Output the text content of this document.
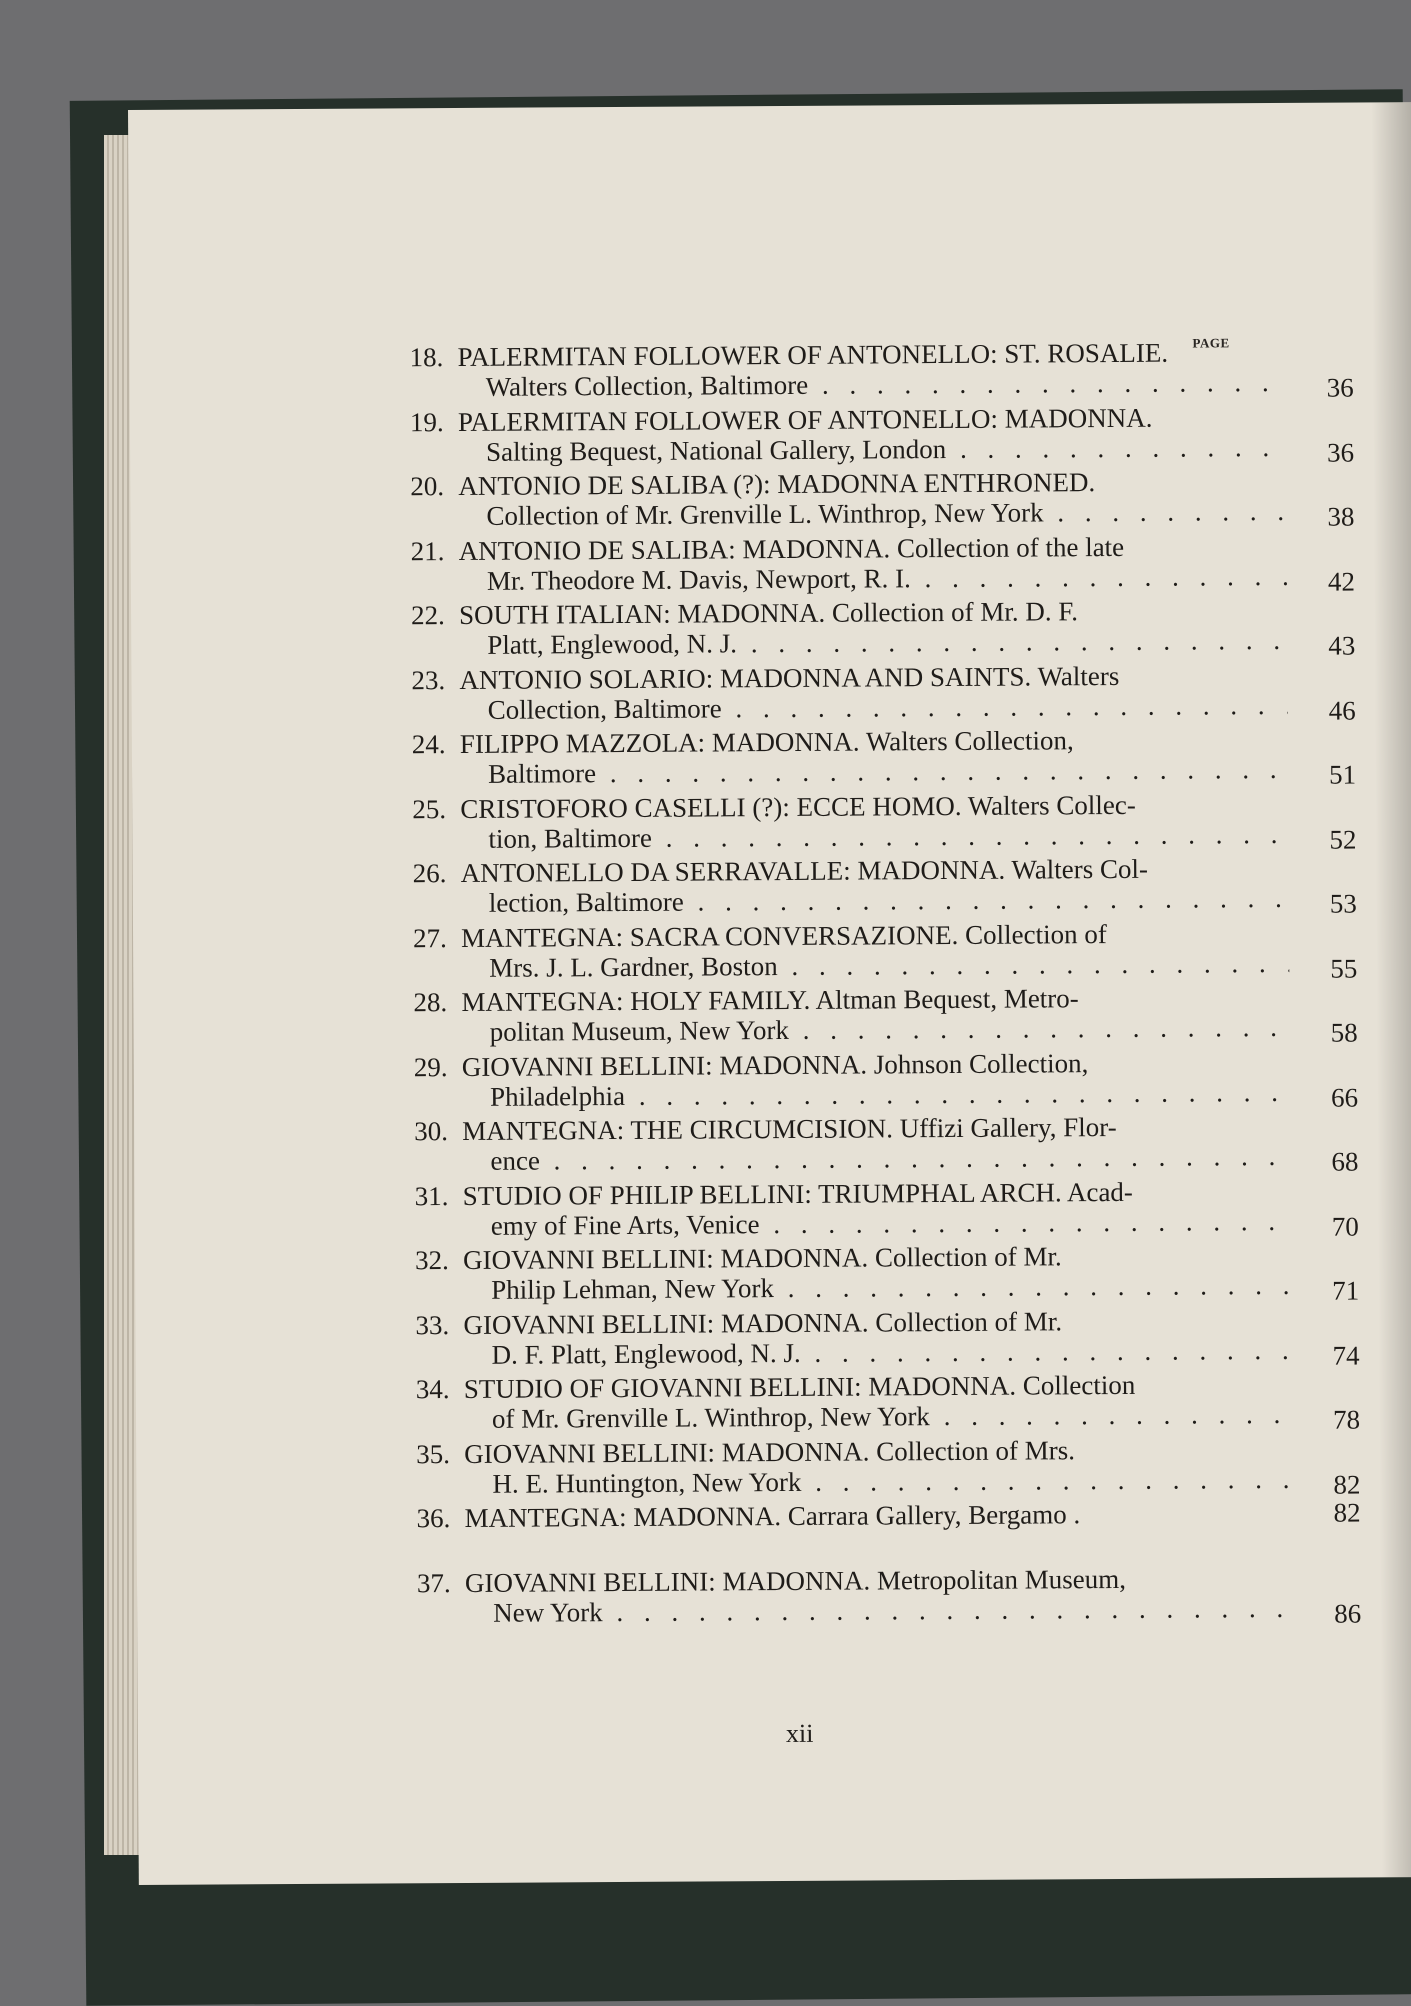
PAGE
18. PALERMITAN FOLLOWER OF ANTONELLO: ST. ROSALIE.
Walters Collection, Baltimore . . .	36
19. PALERMITAN FOLLOWER OF ANTONELLO: MADONNA.
Salting Bequest, National Gallery, London . . .	36
20. ANTONIO DE SALIBA (?): MADONNA ENTHRONED.
Collection of Mr. Grenville L. Winthrop, New York . . .	38
21. ANTONIO DE SALIBA: MADONNA. Collection of the late
Mr. Theodore M. Davis, Newport, R. I. . . .	42
22. SOUTH ITALIAN: MADONNA. Collection of Mr. D. F.
Platt, Englewood, N. J. . . .	43
23. ANTONIO SOLARIO: MADONNA AND SAINTS. Walters
Collection, Baltimore . . .	46
24. FILIPPO MAZZOLA: MADONNA. Walters Collection,
Baltimore . . .	51
25. CRISTOFORO CASELLI (?): ECCE HOMO. Walters Collec-
tion, Baltimore . . .	52
26. ANTONELLO DA SERRAVALLE: MADONNA. Walters Col-
lection, Baltimore . . .	53
27. MANTEGNA: SACRA CONVERSAZIONE. Collection of
Mrs. J. L. Gardner, Boston . . .	55
28. MANTEGNA: HOLY FAMILY. Altman Bequest, Metro-
politan Museum, New York . . .	58
29. GIOVANNI BELLINI: MADONNA. Johnson Collection,
Philadelphia . . .	66
30. MANTEGNA: THE CIRCUMCISION. Uffizi Gallery, Flor-
ence . . .	68
31. STUDIO OF PHILIP BELLINI: TRIUMPHAL ARCH. Acad-
emy of Fine Arts, Venice . . .	70
32. GIOVANNI BELLINI: MADONNA. Collection of Mr.
Philip Lehman, New York . . .	71
33. GIOVANNI BELLINI: MADONNA. Collection of Mr.
D. F. Platt, Englewood, N. J. . . .	74
34. STUDIO OF GIOVANNI BELLINI: MADONNA. Collection
of Mr. Grenville L. Winthrop, New York . . .	78
35. GIOVANNI BELLINI: MADONNA. Collection of Mrs.
H. E. Huntington, New York . . .	82
36. MANTEGNA: MADONNA. Carrara Gallery, Bergamo .	82
37. GIOVANNI BELLINI: MADONNA. Metropolitan Museum,
New York . . .	86
xii
